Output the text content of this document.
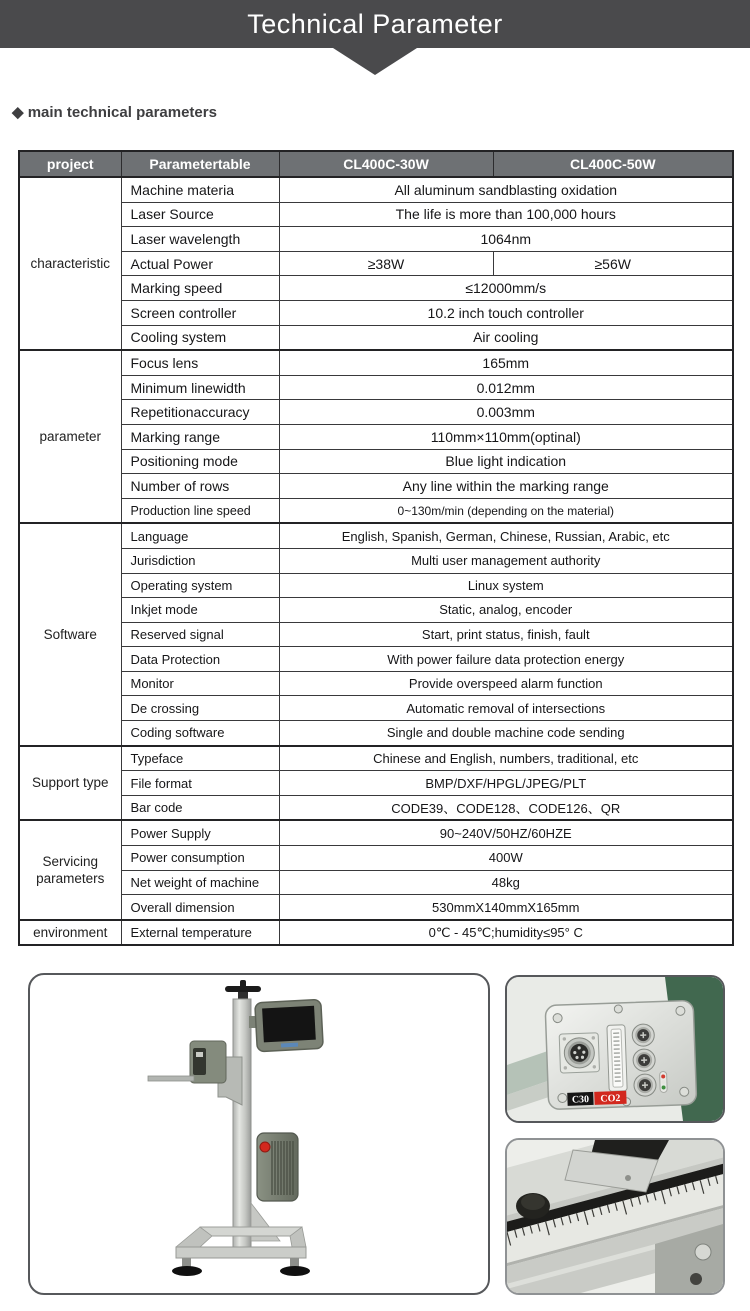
Technical Parameter
◆ main technical parameters
project	Parametertable	CL400C-30W	CL400C-50W
characteristic	Machine materia	All aluminum sandblasting oxidation	
	Laser Source	The life is more than 100,000 hours	
	Laser wavelength	1064nm	
	Actual Power	≥38W	≥56W
	Marking speed	≤12000mm/s	
	Screen controller	10.2 inch touch controller	
	Cooling system	Air cooling	
parameter	Focus lens	165mm	
	Minimum linewidth	0.012mm	
	Repetitionaccuracy	0.003mm	
	Marking range	110mm×110mm(optinal)	
	Positioning mode	Blue light indication	
	Number of rows	Any line within the marking range	
	Production line speed	0~130m/min (depending on the material)	
Software	Language	English, Spanish, German, Chinese, Russian, Arabic, etc	
	Jurisdiction	Multi user management authority	
	Operating system	Linux system	
	Inkjet mode	Static, analog, encoder	
	Reserved signal	Start, print status, finish, fault	
	Data Protection	With power failure data protection energy	
	Monitor	Provide overspeed alarm function	
	De crossing	Automatic removal of intersections	
	Coding software	Single and double machine code sending	
Support type	Typeface	Chinese and English, numbers, traditional, etc	
	File format	BMP/DXF/HPGL/JPEG/PLT	
	Bar code	CODE39、CODE128、CODE126、QR	
Servicing parameters	Power Supply	90~240V/50HZ/60HZE	
	Power consumption	400W	
	Net weight of machine	48kg	
	Overall dimension	530mmX140mmX165mm	
environment	External temperature	0℃ - 45℃;humidity≤95° C	
C30 CO2
